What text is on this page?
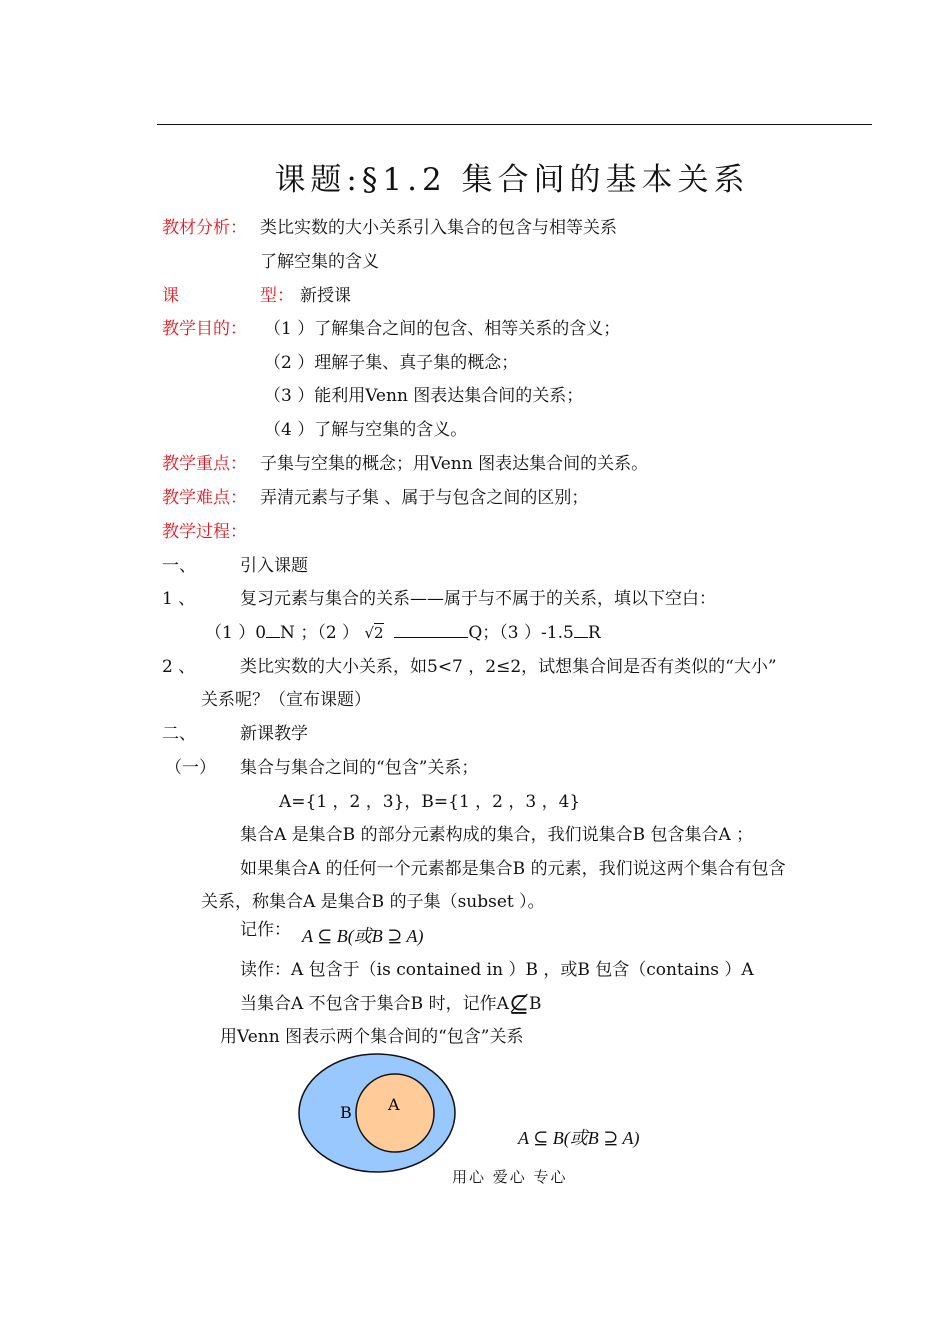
课题:§1.2 集合间的基本关系
教材分析： 类比实数的大小关系引入集合的包含与相等关系
了解空集的含义
课	型： 新授课
教学目的： （1 ）了解集合之间的包含、相等关系的含义；
（2 ）理解子集、真子集的概念；
（3 ）能利用Venn 图表达集合间的关系；
（4 ）了解与空集的含义。
教学重点： 子集与空集的概念；用Venn 图表达集合间的关系。
教学难点： 弄清元素与子集 、属于与包含之间的区别；
教学过程：
一、	引入课题
1 、	复习元素与集合的关系——属于与不属于的关系，填以下空白：
（1 ）0 N ；（2 ） √2	Q；（3 ）-1.5 R
2 、	类比实数的大小关系，如5<7 ，2≤2，试想集合间是否有类似的“大小”
关系呢？（宣布课题）
二、	新课教学
（一） 集合与集合之间的“包含”关系；
A={1 ，2 ，3}，B={1 ，2 ，3 ，4}
集合A 是集合B 的部分元素构成的集合，我们说集合B 包含集合A ；
如果集合A 的任何一个元素都是集合B 的元素，我们说这两个集合有包含
关系，称集合A 是集合B 的子集（subset ）。
记作： A ⊆ B(或B ⊇ A)
读作：A 包含于（is contained in ）B ，或B 包含（contains ）A
当集合A 不包含于集合B 时，记作A⊈B
用Venn 图表示两个集合间的“包含”关系
B A
A ⊆ B(或B ⊇ A)
用心 爱心 专心
